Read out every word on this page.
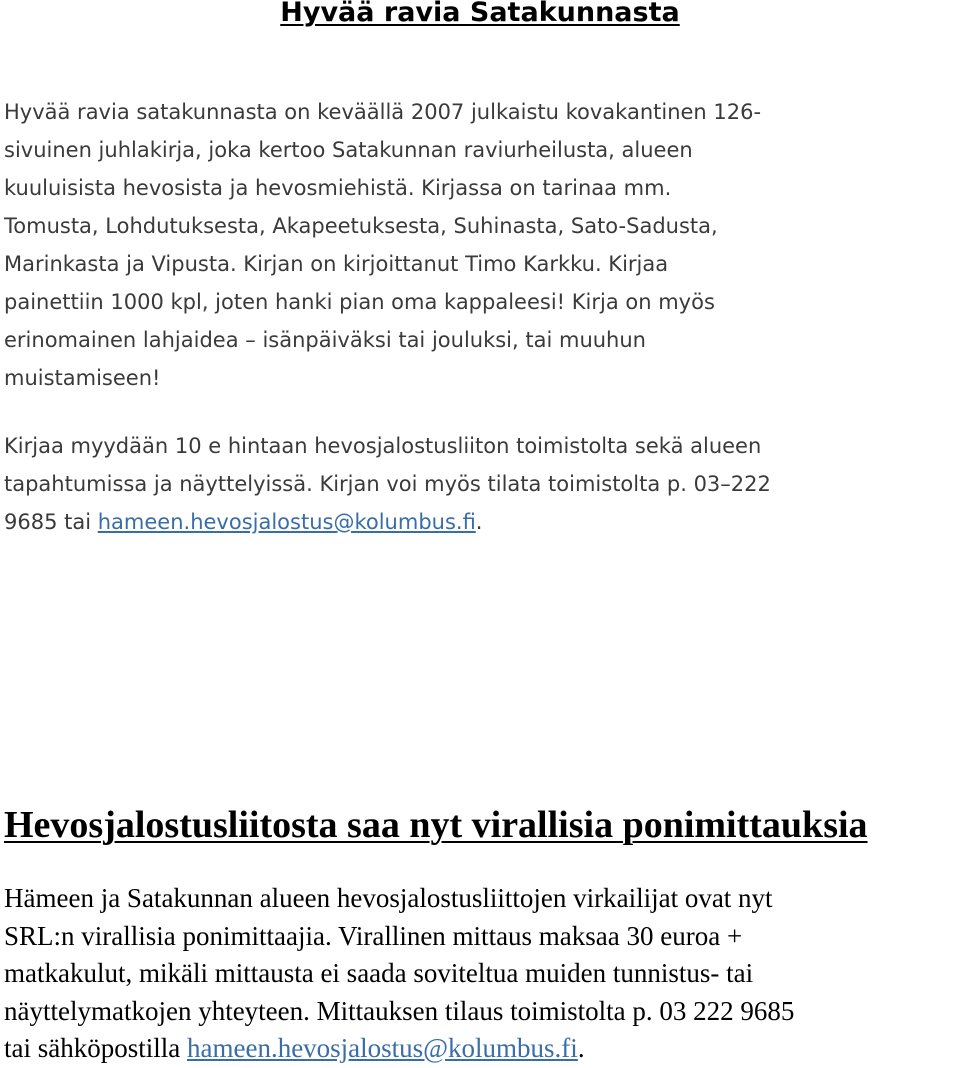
Hyvää ravia Satakunnasta

Hyvää ravia satakunnasta on keväällä 2007 julkaistu kovakantinen 126-
sivuinen juhlakirja, joka kertoo Satakunnan raviurheilusta, alueen
kuuluisista hevosista ja hevosmiehistä. Kirjassa on tarinaa mm.
Tomusta, Lohdutuksesta, Akapeetuksesta, Suhinasta, Sato-Sadusta,
Marinkasta ja Vipusta. Kirjan on kirjoittanut Timo Karkku. Kirjaa
painettiin 1000 kpl, joten hanki pian oma kappaleesi! Kirja on myös
erinomainen lahjaidea – isänpäiväksi tai jouluksi, tai muuhun
muistamiseen!

Kirjaa myydään 10 e hintaan hevosjalostusliiton toimistolta sekä alueen
tapahtumissa ja näyttelyissä. Kirjan voi myös tilata toimistolta p. 03–222
9685 tai hameen.hevosjalostus@kolumbus.fi.

Hevosjalostusliitosta saa nyt virallisia ponimittauksia

Hämeen ja Satakunnan alueen hevosjalostusliittojen virkailijat ovat nyt
SRL:n virallisia ponimittaajia. Virallinen mittaus maksaa 30 euroa +
matkakulut, mikäli mittausta ei saada soviteltua muiden tunnistus- tai
näyttelymatkojen yhteyteen. Mittauksen tilaus toimistolta p. 03 222 9685
tai sähköpostilla hameen.hevosjalostus@kolumbus.fi.
